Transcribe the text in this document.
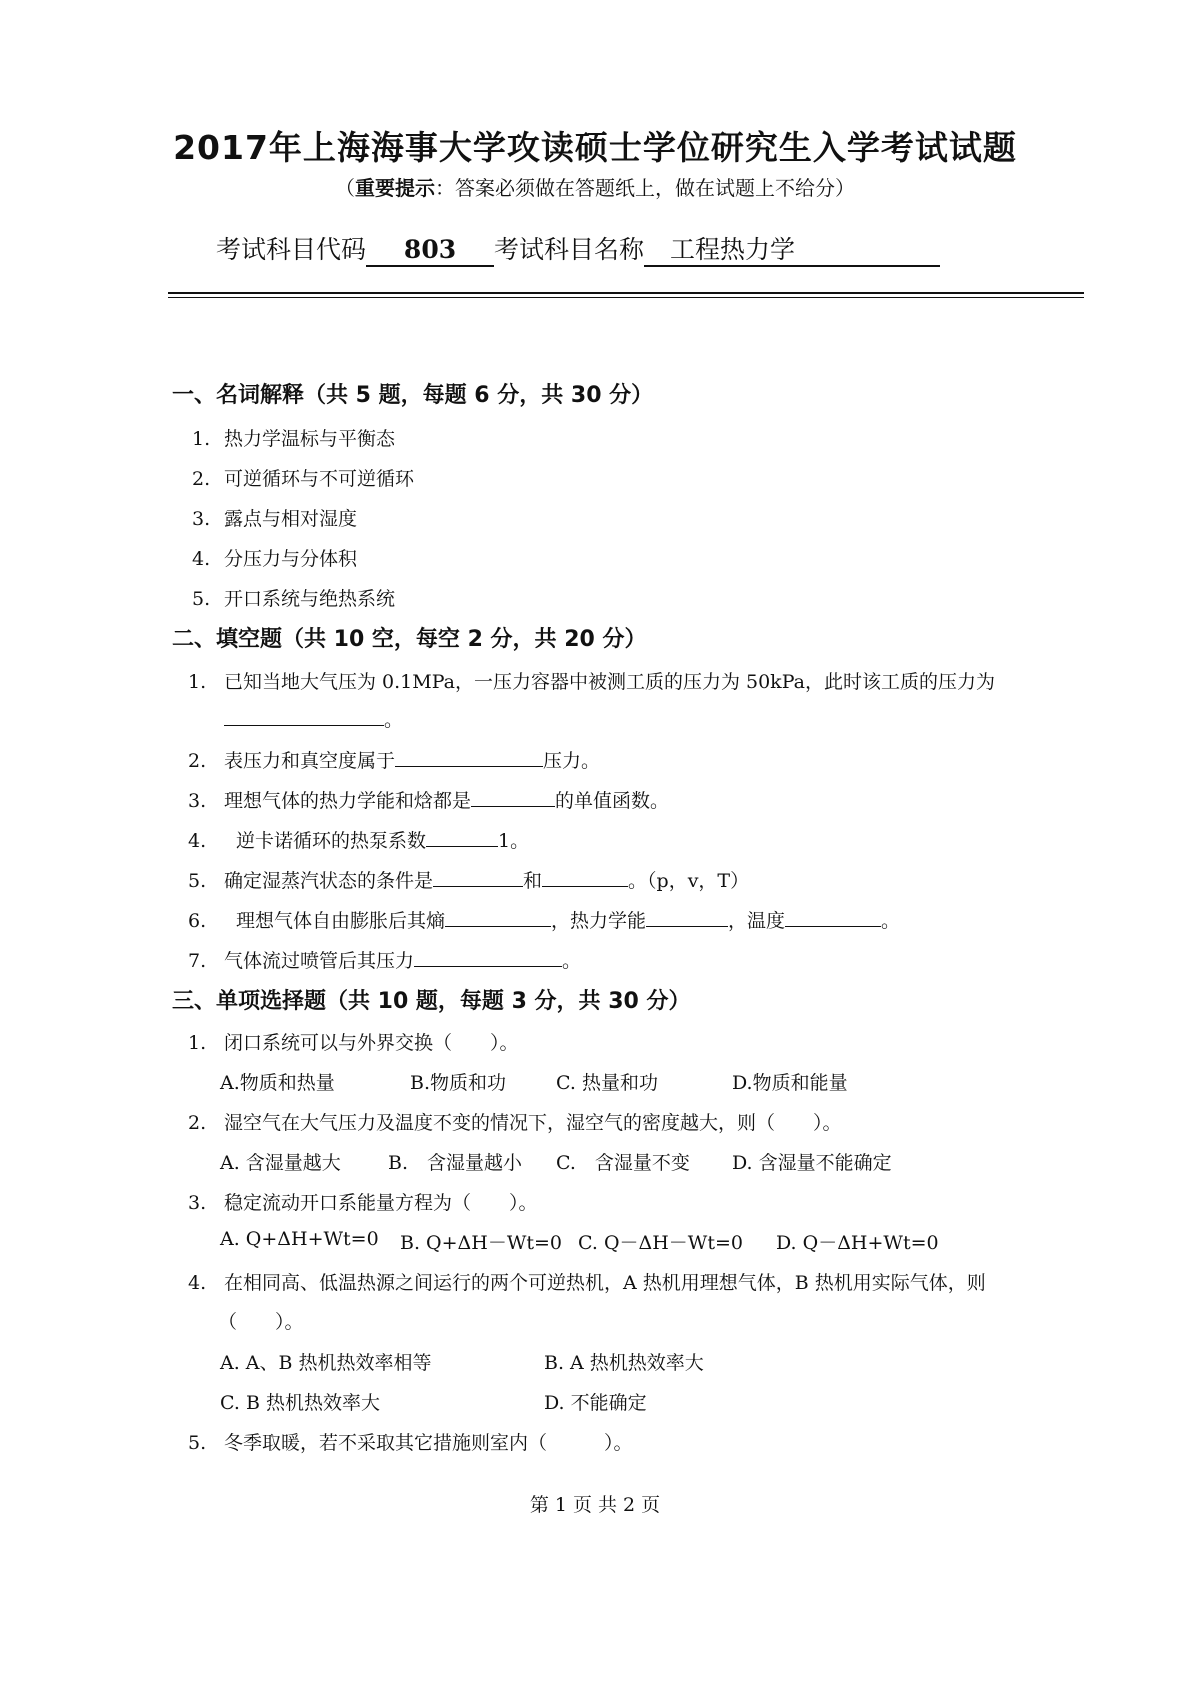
2017年上海海事大学攻读硕士学位研究生入学考试试题
（重要提示：答案必须做在答题纸上，做在试题上不给分）
考试科目代码 803 考试科目名称 工程热力学
一、名词解释（共 5 题，每题 6 分，共 30 分）
1. 热力学温标与平衡态
2. 可逆循环与不可逆循环
3. 露点与相对湿度
4. 分压力与分体积
5. 开口系统与绝热系统
二、填空题（共 10 空，每空 2 分，共 20 分）
1. 已知当地大气压为 0.1MPa，一压力容器中被测工质的压力为 50kPa，此时该工质的压力为
。
2. 表压力和真空度属于	压力。
3. 理想气体的热力学能和焓都是	的单值函数。
4. 逆卡诺循环的热泵系数	1。
5. 确定湿蒸汽状态的条件是	和	。（p，v，T）
6. 理想气体自由膨胀后其熵	，热力学能	，温度	。
7. 气体流过喷管后其压力	。
三、单项选择题（共 10 题，每题 3 分，共 30 分）
1. 闭口系统可以与外界交换（　　）。
A.物质和热量	B.物质和功	C. 热量和功	D.物质和能量
2. 湿空气在大气压力及温度不变的情况下，湿空气的密度越大，则（　　）。
A. 含湿量越大 B.　含湿量越小 C.　含湿量不变 D. 含湿量不能确定
3. 稳定流动开口系能量方程为（　　）。
A. Q+ΔH+Wt=0 B. Q+ΔH－Wt=0 C. Q－ΔH－Wt=0 D. Q－ΔH+Wt=0
4. 在相同高、低温热源之间运行的两个可逆热机，A 热机用理想气体，B 热机用实际气体，则
（　　）。
A. A、B 热机热效率相等	B. A 热机热效率大
C. B 热机热效率大	D. 不能确定
5. 冬季取暖，若不采取其它措施则室内（　　　）。
第 1 页 共 2 页
